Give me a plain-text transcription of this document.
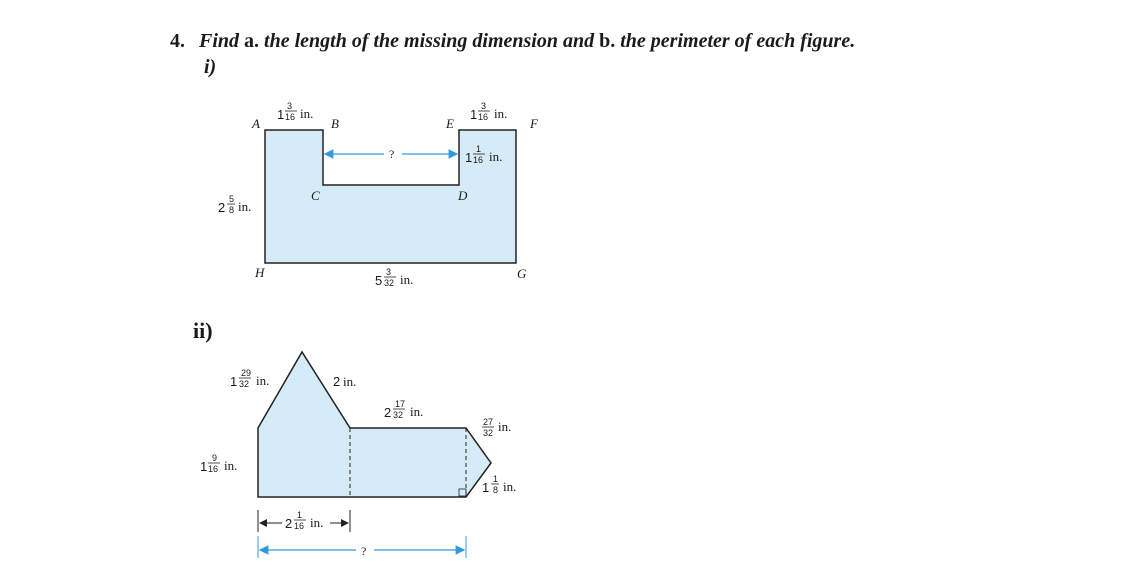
4. Find a. the length of the missing dimension and b. the perimeter of each figure.
i)
ii)
A	B
C	D
E	F
G
H
1
3
16 in.	1
3
16 in.
1
1
16 in.
2
5
8 in.
5
3
32 in.
?
1
29
32 in.	2 in.
1
9
16 in.
2
17
32 in.
27
32 in.
1
1
8 in.
2
1
16 in.
?
